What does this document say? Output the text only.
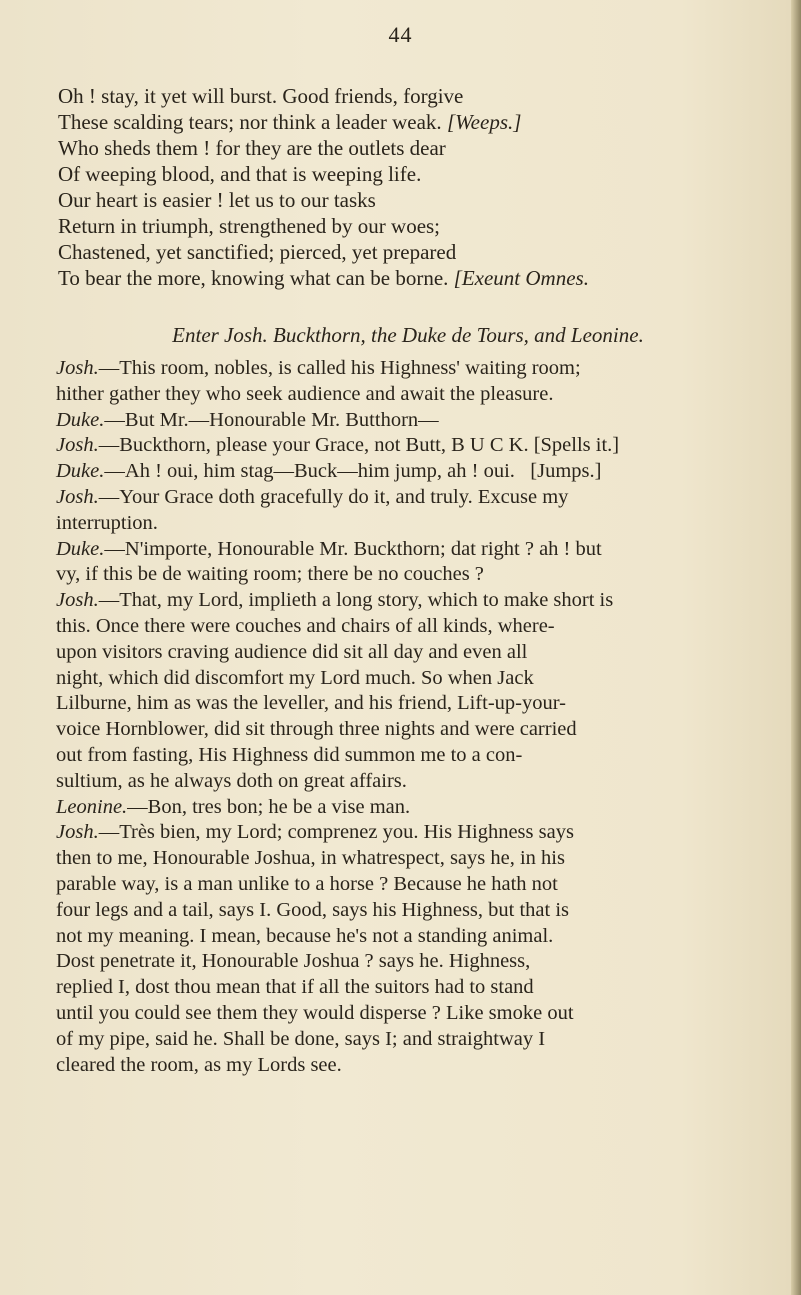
44
Oh ! stay, it yet will burst. Good friends, forgive
These scalding tears; nor think a leader weak. [Weeps.]
Who sheds them ! for they are the outlets dear
Of weeping blood, and that is weeping life.
Our heart is easier ! let us to our tasks
Return in triumph, strengthened by our woes;
Chastened, yet sanctified; pierced, yet prepared
To bear the more, knowing what can be borne. [Exeunt Omnes.
Enter Josh. Buckthorn, the Duke de Tours, and Leonine.
Josh.—This room, nobles, is called his Highness' waiting room;
hither gather they who seek audience and await the pleasure.
Duke.—But Mr.—Honourable Mr. Butthorn—
Josh.—Buckthorn, please your Grace, not Butt, B U C K. [Spells it.]
Duke.—Ah ! oui, him stag—Buck—him jump, ah ! oui.   [Jumps.]
Josh.—Your Grace doth gracefully do it, and truly. Excuse my
interruption.
Duke.—N'importe, Honourable Mr. Buckthorn; dat right ? ah ! but
vy, if this be de waiting room; there be no couches ?
Josh.—That, my Lord, implieth a long story, which to make short is
this. Once there were couches and chairs of all kinds, where-
upon visitors craving audience did sit all day and even all
night, which did discomfort my Lord much. So when Jack
Lilburne, him as was the leveller, and his friend, Lift-up-your-
voice Hornblower, did sit through three nights and were carried
out from fasting, His Highness did summon me to a con-
sultium, as he always doth on great affairs.
Leonine.—Bon, tres bon; he be a vise man.
Josh.—Très bien, my Lord; comprenez you. His Highness says
then to me, Honourable Joshua, in whatrespect, says he, in his
parable way, is a man unlike to a horse ? Because he hath not
four legs and a tail, says I. Good, says his Highness, but that is
not my meaning. I mean, because he's not a standing animal.
Dost penetrate it, Honourable Joshua ? says he. Highness,
replied I, dost thou mean that if all the suitors had to stand
until you could see them they would disperse ? Like smoke out
of my pipe, said he. Shall be done, says I; and straightway I
cleared the room, as my Lords see.
